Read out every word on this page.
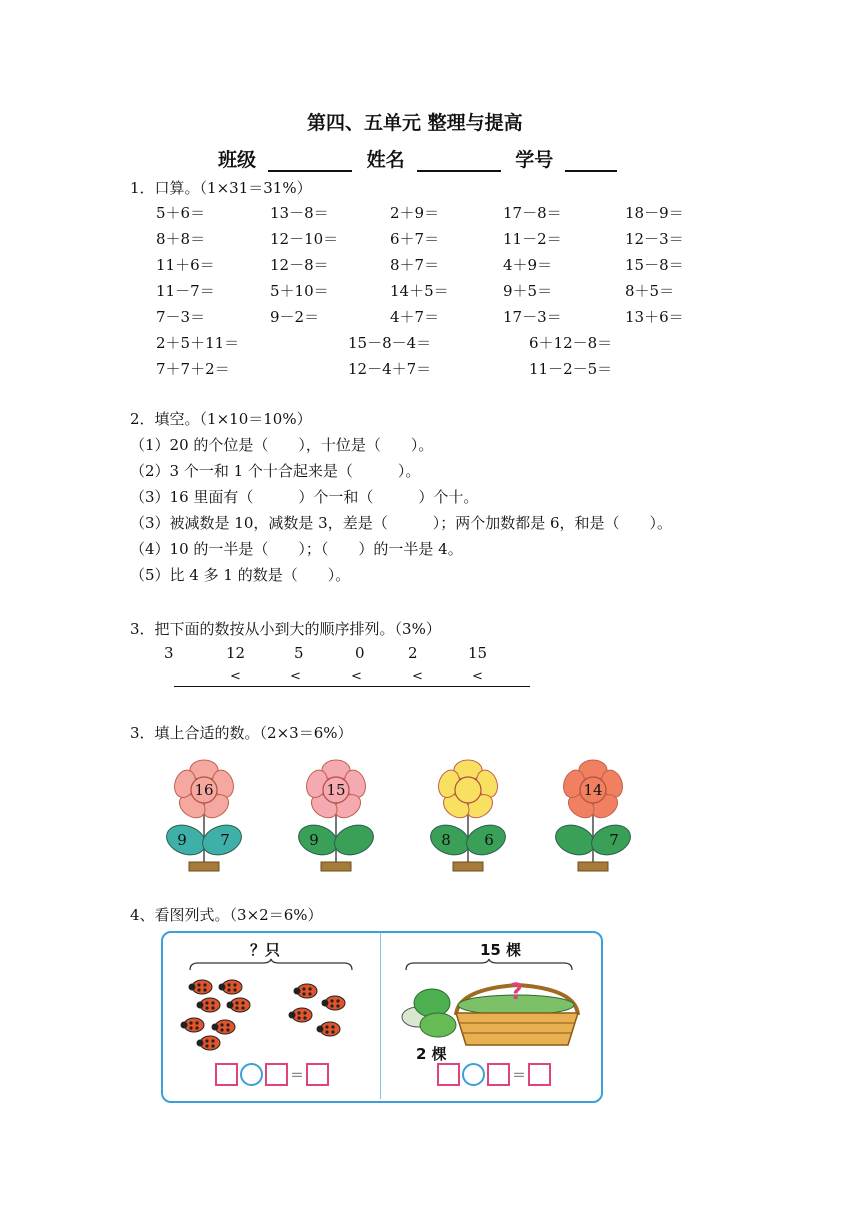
第四、五单元 整理与提高
班级	姓名	学号
1．口算。（1×31＝31%）
5＋6＝	13－8＝	2＋9＝	17－8＝	18－9＝
8＋8＝	12－10＝	6＋7＝	11－2＝	12－3＝
11＋6＝	12－8＝	8＋7＝	4＋9＝	15－8＝
11－7＝	5＋10＝	14＋5＝	9＋5＝	8＋5＝
7－3＝	9－2＝	4＋7＝	17－3＝	13＋6＝
2＋5＋11＝	15－8－4＝	6＋12－8＝
7＋7＋2＝	12－4＋7＝	11－2－5＝
2．填空。（1×10＝10%）
（1）20 的个位是（　　），十位是（　　）。
（2）3 个一和 1 个十合起来是（　　　）。
（3）16 里面有（　　　）个一和（　　　）个十。
（3）被减数是 10，减数是 3，差是（　　　）；两个加数都是 6，和是（　　）。
（4）10 的一半是（　　）；（　　）的一半是 4。
（5）比 4 多 1 的数是（　　）。
3．把下面的数按从小到大的顺序排列。（3%）
3	12	5	0	2	15
<	<	<	<	<
3．填上合适的数。（2×3＝6%）
16
9 7
15
9	8 6
14
7
4、看图列式。（3×2＝6%）
？只
＝
15 棵
?
2 棵
＝
